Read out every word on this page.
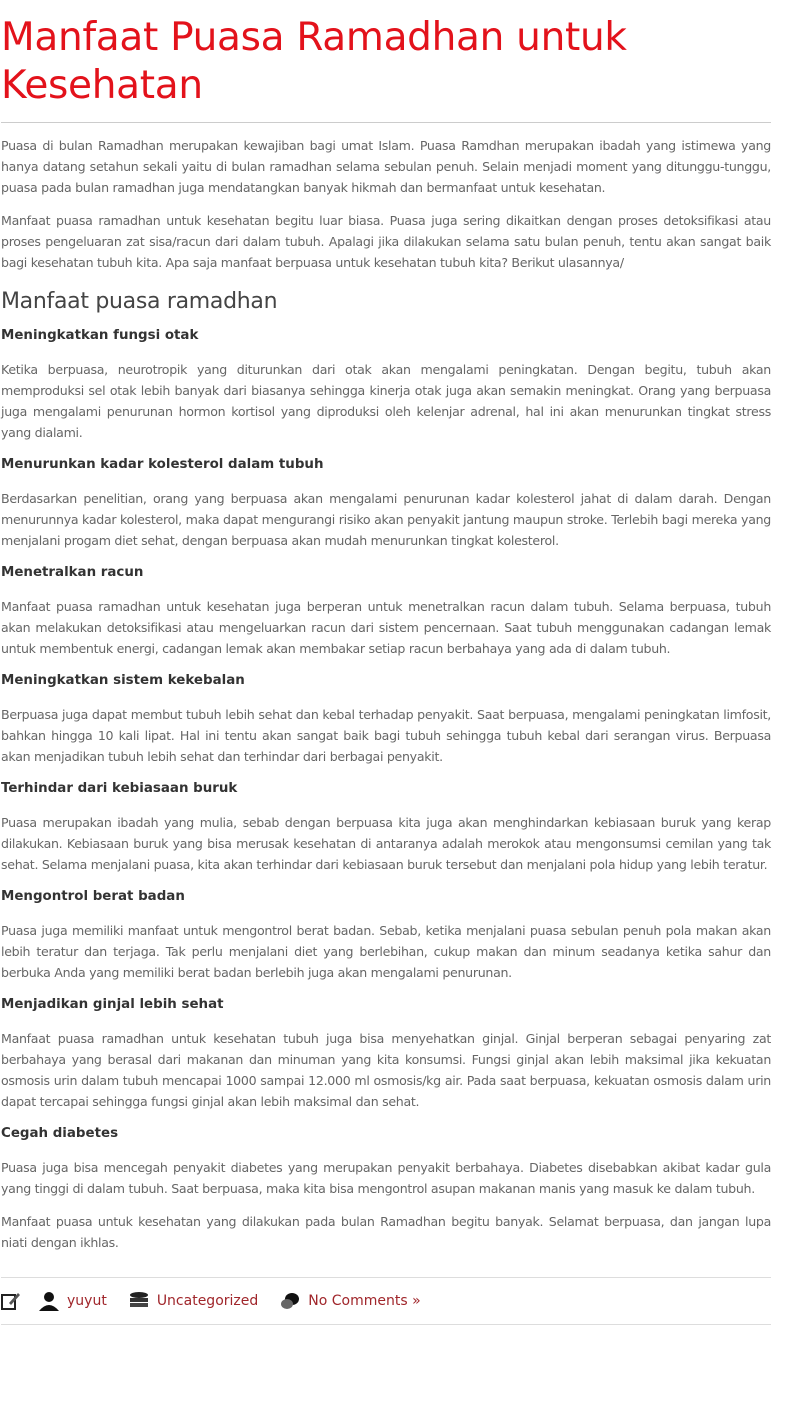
Manfaat Puasa Ramadhan untuk Kesehatan

Puasa di bulan Ramadhan merupakan kewajiban bagi umat Islam. Puasa Ramdhan merupakan ibadah yang istimewa yang hanya datang setahun sekali yaitu di bulan ramadhan selama sebulan penuh. Selain menjadi moment yang ditunggu-tunggu, puasa pada bulan ramadhan juga mendatangkan banyak hikmah dan bermanfaat untuk kesehatan.

Manfaat puasa ramadhan untuk kesehatan begitu luar biasa. Puasa juga sering dikaitkan dengan proses detoksifikasi atau proses pengeluaran zat sisa/racun dari dalam tubuh. Apalagi jika dilakukan selama satu bulan penuh, tentu akan sangat baik bagi kesehatan tubuh kita. Apa saja manfaat berpuasa untuk kesehatan tubuh kita? Berikut ulasannya/

Manfaat puasa ramadhan
Meningkatkan fungsi otak

Ketika berpuasa, neurotropik yang diturunkan dari otak akan mengalami peningkatan. Dengan begitu, tubuh akan memproduksi sel otak lebih banyak dari biasanya sehingga kinerja otak juga akan semakin meningkat. Orang yang berpuasa juga mengalami penurunan hormon kortisol yang diproduksi oleh kelenjar adrenal, hal ini akan menurunkan tingkat stress yang dialami.

Menurunkan kadar kolesterol dalam tubuh

Berdasarkan penelitian, orang yang berpuasa akan mengalami penurunan kadar kolesterol jahat di dalam darah. Dengan menurunnya kadar kolesterol, maka dapat mengurangi risiko akan penyakit jantung maupun stroke. Terlebih bagi mereka yang menjalani progam diet sehat, dengan berpuasa akan mudah menurunkan tingkat kolesterol.

Menetralkan racun

Manfaat puasa ramadhan untuk kesehatan juga berperan untuk menetralkan racun dalam tubuh. Selama berpuasa, tubuh akan melakukan detoksifikasi atau mengeluarkan racun dari sistem pencernaan. Saat tubuh menggunakan cadangan lemak untuk membentuk energi, cadangan lemak akan membakar setiap racun berbahaya yang ada di dalam tubuh.

Meningkatkan sistem kekebalan

Berpuasa juga dapat membut tubuh lebih sehat dan kebal terhadap penyakit. Saat berpuasa, mengalami peningkatan limfosit, bahkan hingga 10 kali lipat. Hal ini tentu akan sangat baik bagi tubuh sehingga tubuh kebal dari serangan virus. Berpuasa akan menjadikan tubuh lebih sehat dan terhindar dari berbagai penyakit.

Terhindar dari kebiasaan buruk

Puasa merupakan ibadah yang mulia, sebab dengan berpuasa kita juga akan menghindarkan kebiasaan buruk yang kerap dilakukan. Kebiasaan buruk yang bisa merusak kesehatan di antaranya adalah merokok atau mengonsumsi cemilan yang tak sehat. Selama menjalani puasa, kita akan terhindar dari kebiasaan buruk tersebut dan menjalani pola hidup yang lebih teratur.

Mengontrol berat badan

Puasa juga memiliki manfaat untuk mengontrol berat badan. Sebab, ketika menjalani puasa sebulan penuh pola makan akan lebih teratur dan terjaga. Tak perlu menjalani diet yang berlebihan, cukup makan dan minum seadanya ketika sahur dan berbuka Anda yang memiliki berat badan berlebih juga akan mengalami penurunan.

Menjadikan ginjal lebih sehat

Manfaat puasa ramadhan untuk kesehatan tubuh juga bisa menyehatkan ginjal. Ginjal berperan sebagai penyaring zat berbahaya yang berasal dari makanan dan minuman yang kita konsumsi. Fungsi ginjal akan lebih maksimal jika kekuatan osmosis urin dalam tubuh mencapai 1000 sampai 12.000 ml osmosis/kg air. Pada saat berpuasa, kekuatan osmosis dalam urin dapat tercapai sehingga fungsi ginjal akan lebih maksimal dan sehat.

Cegah diabetes

Puasa juga bisa mencegah penyakit diabetes yang merupakan penyakit berbahaya. Diabetes disebabkan akibat kadar gula yang tinggi di dalam tubuh. Saat berpuasa, maka kita bisa mengontrol asupan makanan manis yang masuk ke dalam tubuh.

Manfaat puasa untuk kesehatan yang dilakukan pada bulan Ramadhan begitu banyak. Selamat berpuasa, dan jangan lupa niati dengan ikhlas.

yuyut	Uncategorized	No Comments »
